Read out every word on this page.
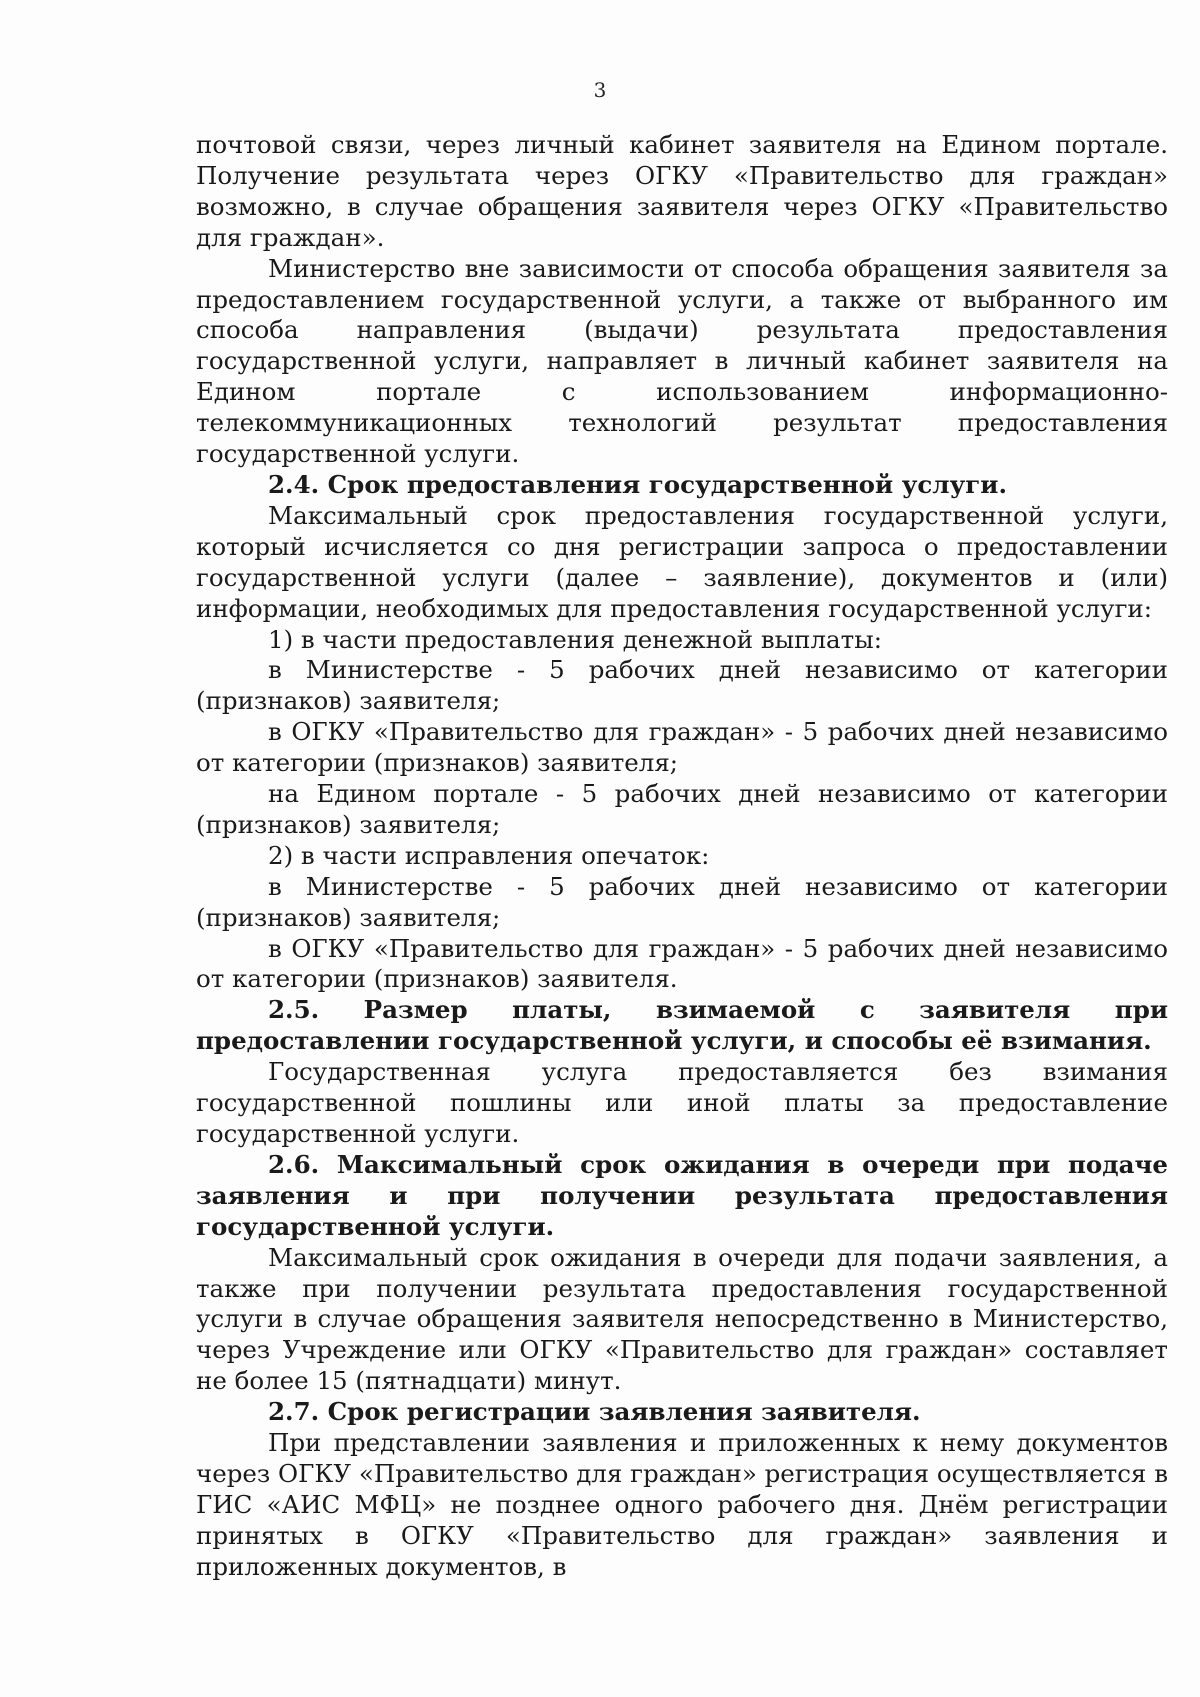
3

почтовой связи, через личный кабинет заявителя на Едином портале. Получение результата через ОГКУ «Правительство для граждан» возможно, в случае обращения заявителя через ОГКУ «Правительство для граждан».

Министерство вне зависимости от способа обращения заявителя за предоставлением государственной услуги, а также от выбранного им способа направления (выдачи) результата предоставления государственной услуги, направляет в личный кабинет заявителя на Едином портале с использованием информационно-телекоммуникационных технологий результат предоставления государственной услуги.

2.4. Срок предоставления государственной услуги.

Максимальный срок предоставления государственной услуги, который исчисляется со дня регистрации запроса о предоставлении государственной услуги (далее – заявление), документов и (или) информации, необходимых для предоставления государственной услуги:

1) в части предоставления денежной выплаты:

в Министерстве - 5 рабочих дней независимо от категории (признаков) заявителя;

в ОГКУ «Правительство для граждан» - 5 рабочих дней независимо от категории (признаков) заявителя;

на Едином портале - 5 рабочих дней независимо от категории (признаков) заявителя;

2) в части исправления опечаток:

в Министерстве - 5 рабочих дней независимо от категории (признаков) заявителя;

в ОГКУ «Правительство для граждан» - 5 рабочих дней независимо от категории (признаков) заявителя.

2.5. Размер платы, взимаемой с заявителя при предоставлении государственной услуги, и способы её взимания.

Государственная услуга предоставляется без взимания государственной пошлины или иной платы за предоставление государственной услуги.

2.6. Максимальный срок ожидания в очереди при подаче заявления и при получении результата предоставления государственной услуги.

Максимальный срок ожидания в очереди для подачи заявления, а также при получении результата предоставления государственной услуги в случае обращения заявителя непосредственно в Министерство, через Учреждение или ОГКУ «Правительство для граждан» составляет не более 15 (пятнадцати) минут.

2.7. Срок регистрации заявления заявителя.

При представлении заявления и приложенных к нему документов через ОГКУ «Правительство для граждан» регистрация осуществляется в ГИС «АИС МФЦ» не позднее одного рабочего дня. Днём регистрации принятых в ОГКУ «Правительство для граждан» заявления и приложенных документов, в
